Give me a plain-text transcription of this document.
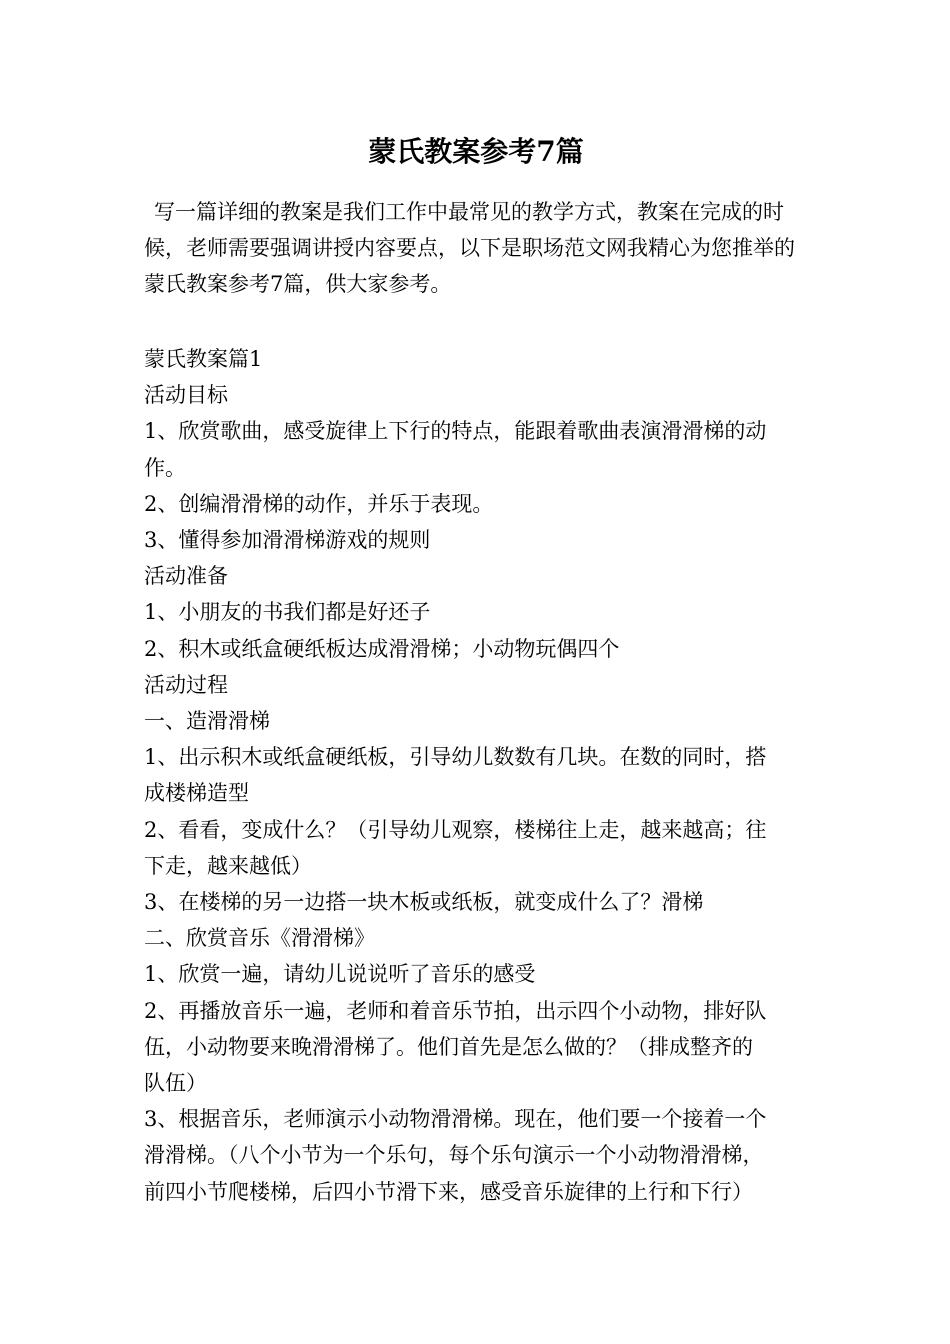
蒙氏教案参考7篇
写一篇详细的教案是我们工作中最常见的教学方式，教案在完成的时候，老师需要强调讲授内容要点，以下是职场范文网我精心为您推举的蒙氏教案参考7篇，供大家参考。
蒙氏教案篇1
活动目标
1、欣赏歌曲，感受旋律上下行的特点，能跟着歌曲表演滑滑梯的动
作。
2、创编滑滑梯的动作，并乐于表现。
3、懂得参加滑滑梯游戏的规则
活动准备
1、小朋友的书我们都是好还子
2、积木或纸盒硬纸板达成滑滑梯；小动物玩偶四个
活动过程
一、造滑滑梯
1、出示积木或纸盒硬纸板，引导幼儿数数有几块。在数的同时，搭
成楼梯造型
2、看看，变成什么？（引导幼儿观察，楼梯往上走，越来越高；往
下走，越来越低）
3、在楼梯的另一边搭一块木板或纸板，就变成什么了？滑梯
二、欣赏音乐《滑滑梯》
1、欣赏一遍，请幼儿说说听了音乐的感受
2、再播放音乐一遍，老师和着音乐节拍，出示四个小动物，排好队
伍，小动物要来晚滑滑梯了。他们首先是怎么做的？（排成整齐的
队伍）
3、根据音乐，老师演示小动物滑滑梯。现在，他们要一个接着一个
滑滑梯。（八个小节为一个乐句，每个乐句演示一个小动物滑滑梯，
前四小节爬楼梯，后四小节滑下来，感受音乐旋律的上行和下行）
